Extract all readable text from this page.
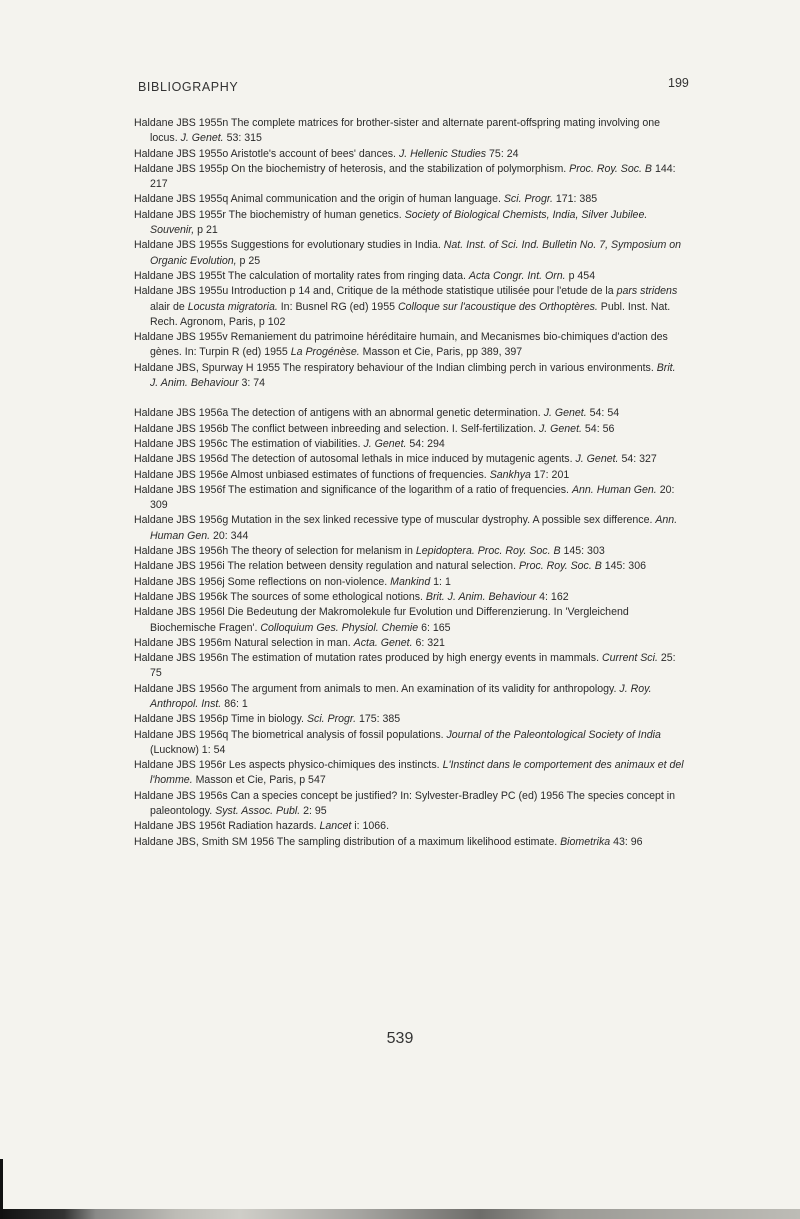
BIBLIOGRAPHY	199

Haldane JBS 1955n The complete matrices for brother-sister and alternate parent-offspring mating involving one locus. J. Genet. 53: 315

Haldane JBS 1955o Aristotle's account of bees' dances. J. Hellenic Studies 75: 24

Haldane JBS 1955p On the biochemistry of heterosis, and the stabilization of polymorphism. Proc. Roy. Soc. B 144: 217

Haldane JBS 1955q Animal communication and the origin of human language. Sci. Progr. 171: 385

Haldane JBS 1955r The biochemistry of human genetics. Society of Biological Chemists, India, Silver Jubilee. Souvenir, p 21

Haldane JBS 1955s Suggestions for evolutionary studies in India. Nat. Inst. of Sci. Ind. Bulletin No. 7, Symposium on Organic Evolution, p 25

Haldane JBS 1955t The calculation of mortality rates from ringing data. Acta Congr. Int. Orn. p 454

Haldane JBS 1955u Introduction p 14 and, Critique de la méthode statistique utilisée pour l'etude de la pars stridens alair de Locusta migratoria. In: Busnel RG (ed) 1955 Colloque sur l'acoustique des Orthoptères. Publ. Inst. Nat. Rech. Agronom, Paris, p 102

Haldane JBS 1955v Remaniement du patrimoine héréditaire humain, and Mecanismes bio-chimiques d'action des gènes. In: Turpin R (ed) 1955 La Progénèse. Masson et Cie, Paris, pp 389, 397

Haldane JBS, Spurway H 1955 The respiratory behaviour of the Indian climbing perch in various environments. Brit. J. Anim. Behaviour 3: 74

Haldane JBS 1956a The detection of antigens with an abnormal genetic determination. J. Genet. 54: 54

Haldane JBS 1956b The conflict between inbreeding and selection. I. Self-fertilization. J. Genet. 54: 56

Haldane JBS 1956c The estimation of viabilities. J. Genet. 54: 294

Haldane JBS 1956d The detection of autosomal lethals in mice induced by mutagenic agents. J. Genet. 54: 327

Haldane JBS 1956e Almost unbiased estimates of functions of frequencies. Sankhya 17: 201

Haldane JBS 1956f The estimation and significance of the logarithm of a ratio of frequencies. Ann. Human Gen. 20: 309

Haldane JBS 1956g Mutation in the sex linked recessive type of muscular dystrophy. A possible sex difference. Ann. Human Gen. 20: 344

Haldane JBS 1956h The theory of selection for melanism in Lepidoptera. Proc. Roy. Soc. B 145: 303

Haldane JBS 1956i The relation between density regulation and natural selection. Proc. Roy. Soc. B 145: 306

Haldane JBS 1956j Some reflections on non-violence. Mankind 1: 1

Haldane JBS 1956k The sources of some ethological notions. Brit. J. Anim. Behaviour 4: 162

Haldane JBS 1956l Die Bedeutung der Makromolekule fur Evolution und Differenzierung. In 'Vergleichend Biochemische Fragen'. Colloquium Ges. Physiol. Chemie 6: 165

Haldane JBS 1956m Natural selection in man. Acta. Genet. 6: 321

Haldane JBS 1956n The estimation of mutation rates produced by high energy events in mammals. Current Sci. 25: 75

Haldane JBS 1956o The argument from animals to men. An examination of its validity for anthropology. J. Roy. Anthropol. Inst. 86: 1

Haldane JBS 1956p Time in biology. Sci. Progr. 175: 385

Haldane JBS 1956q The biometrical analysis of fossil populations. Journal of the Paleontological Society of India (Lucknow) 1: 54

Haldane JBS 1956r Les aspects physico-chimiques des instincts. L'Instinct dans le comportement des animaux et del l'homme. Masson et Cie, Paris, p 547

Haldane JBS 1956s Can a species concept be justified? In: Sylvester-Bradley PC (ed) 1956 The species concept in paleontology. Syst. Assoc. Publ. 2: 95

Haldane JBS 1956t Radiation hazards. Lancet i: 1066.

Haldane JBS, Smith SM 1956 The sampling distribution of a maximum likelihood estimate. Biometrika 43: 96

539
